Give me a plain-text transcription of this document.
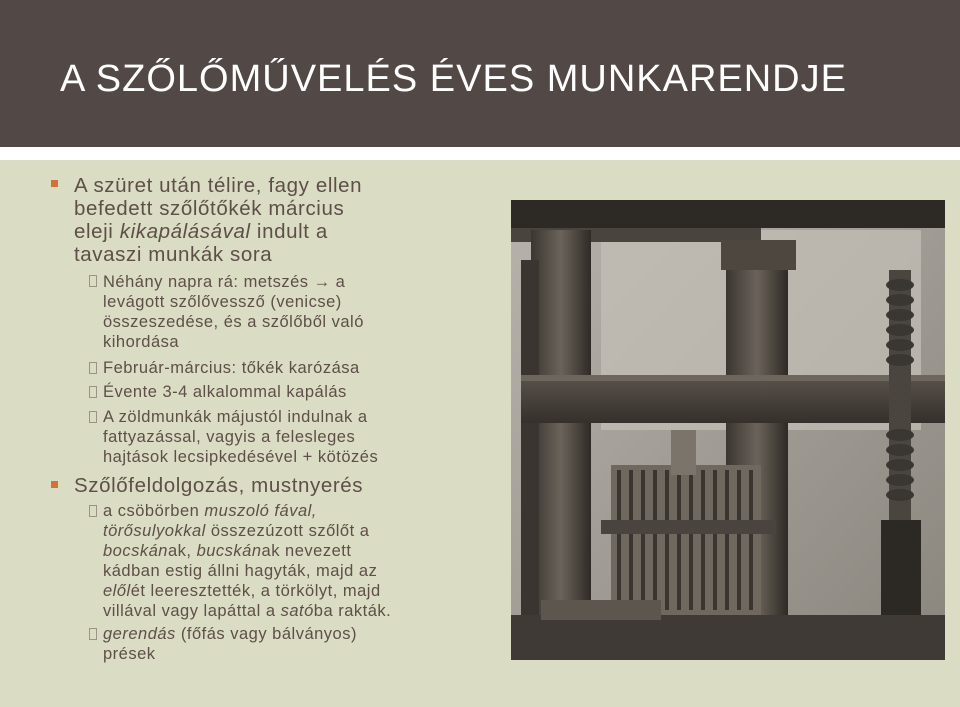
A SZŐLŐMŰVELÉS ÉVES MUNKARENDJE
A szüret után télire, fagy ellen
befedett szőlőtőkék március
eleji kikapálásával indult a
tavaszi munkák sora
Néhány napra rá: metszés → a
levágott szőlővessző (venicse)
összeszedése, és a szőlőből való
kihordása
Február-március: tőkék karózása
Évente 3-4 alkalommal kapálás
A zöldmunkák májustól indulnak a
fattyazással, vagyis a felesleges
hajtások lecsipkedésével + kötözés
Szőlőfeldolgozás, mustnyerés
a csöbörben muszoló fával,
törősulyokkal összezúzott szőlőt a
bocskának, bucskának nevezett
kádban estig állni hagyták, majd az
előlét leeresztették, a törkölyt, majd
villával vagy lapáttal a satóba rakták.
gerendás (főfás vagy bálványos)
prések
